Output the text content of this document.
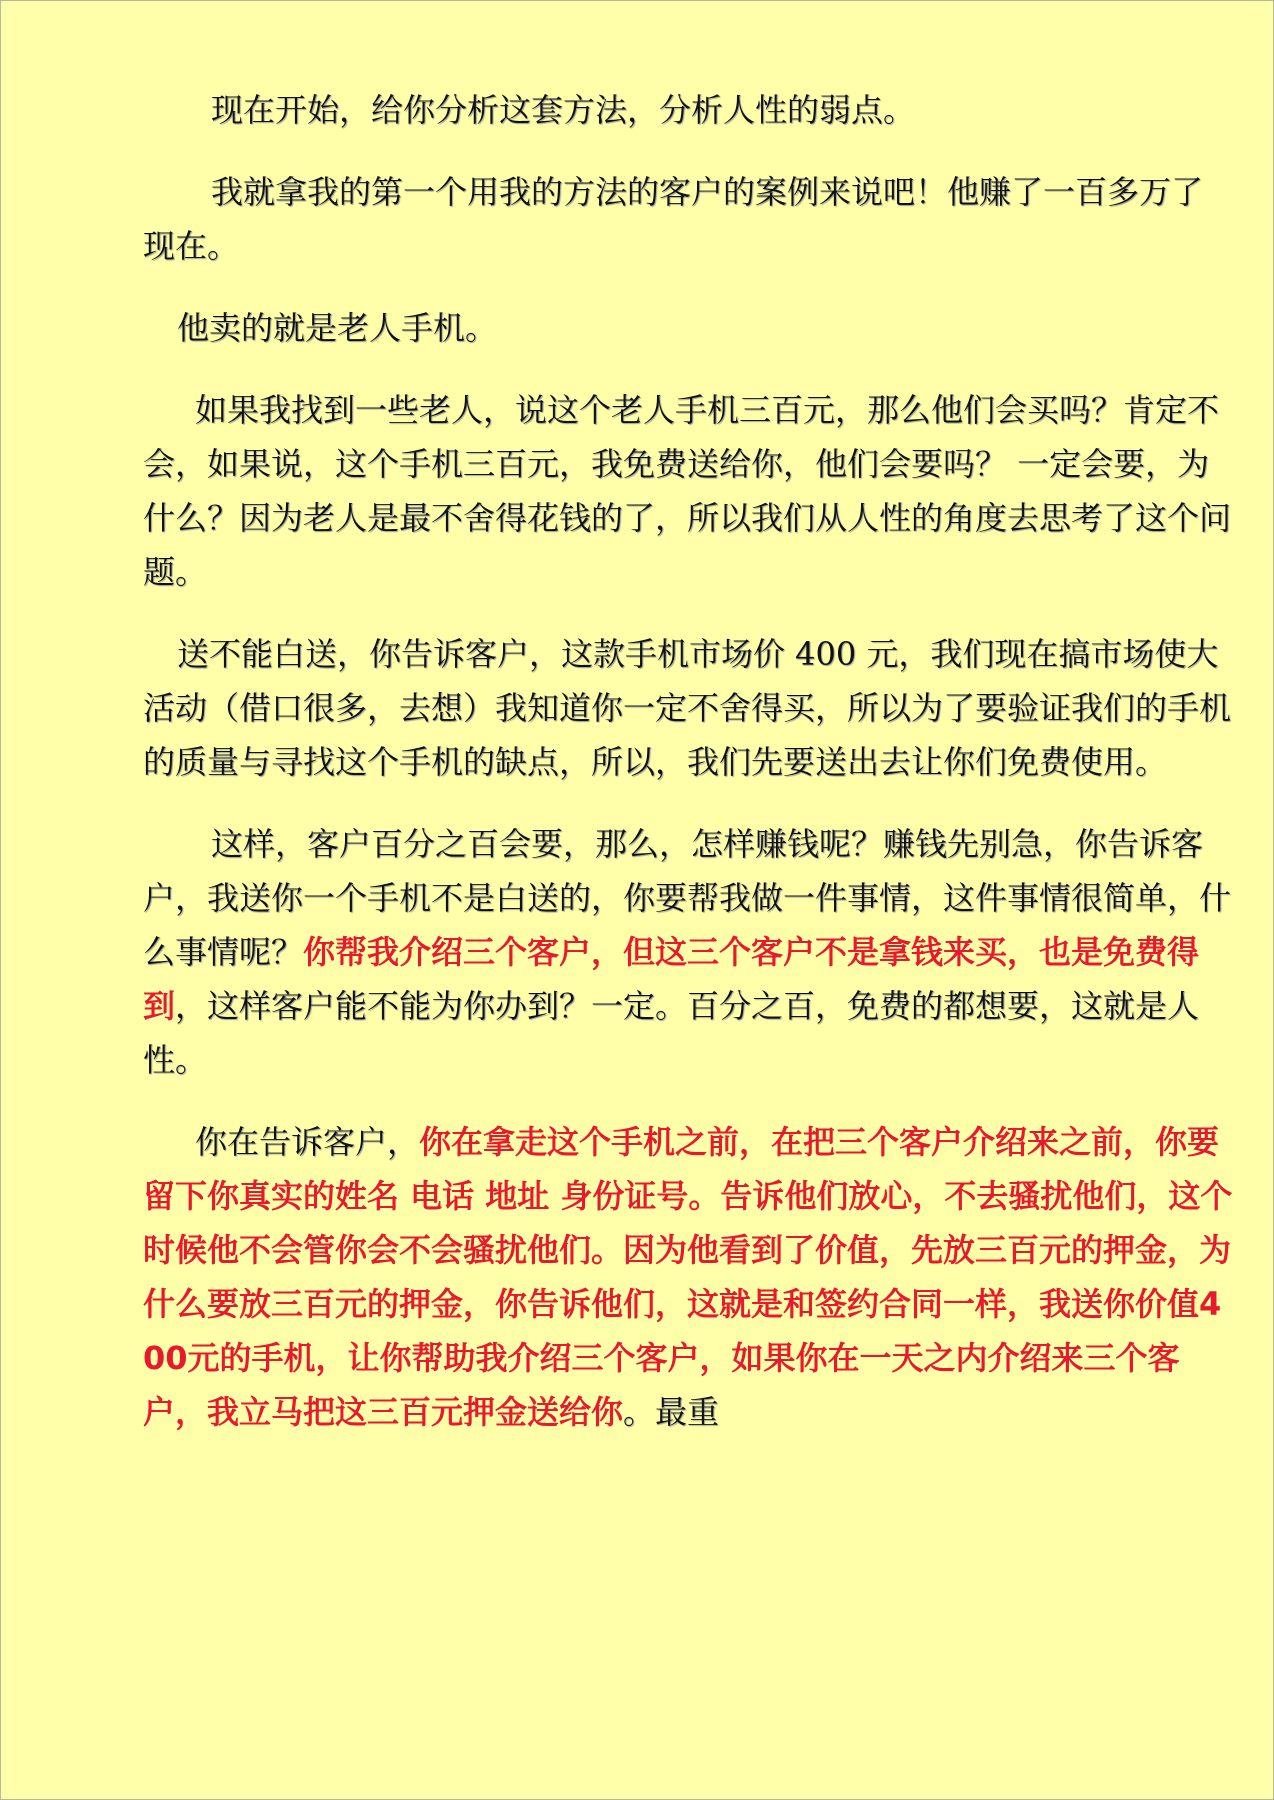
现在开始，给你分析这套方法，分析人性的弱点。

我就拿我的第一个用我的方法的客户的案例来说吧！他赚了一百多万了现在。

他卖的就是老人手机。

如果我找到一些老人，说这个老人手机三百元，那么他们会买吗？肯定不会，如果说，这个手机三百元，我免费送给你，他们会要吗？ 一定会要，为什么？因为老人是最不舍得花钱的了，所以我们从人性的角度去思考了这个问题。

送不能白送，你告诉客户，这款手机市场价 400 元，我们现在搞市场使大活动（借口很多，去想）我知道你一定不舍得买，所以为了要验证我们的手机的质量与寻找这个手机的缺点，所以，我们先要送出去让你们免费使用。

这样，客户百分之百会要，那么，怎样赚钱呢？赚钱先别急，你告诉客户，我送你一个手机不是白送的，你要帮我做一件事情，这件事情很简单，什么事情呢？你帮我介绍三个客户，但这三个客户不是拿钱来买，也是免费得到，这样客户能不能为你办到？一定。百分之百，免费的都想要，这就是人性。

你在告诉客户，你在拿走这个手机之前，在把三个客户介绍来之前，你要留下你真实的姓名 电话 地址 身份证号。告诉他们放心，不去骚扰他们，这个时候他不会管你会不会骚扰他们。因为他看到了价值，先放三百元的押金，为什么要放三百元的押金，你告诉他们，这就是和签约合同一样，我送你价值400元的手机，让你帮助我介绍三个客户，如果你在一天之内介绍来三个客户，我立马把这三百元押金送给你。最重
